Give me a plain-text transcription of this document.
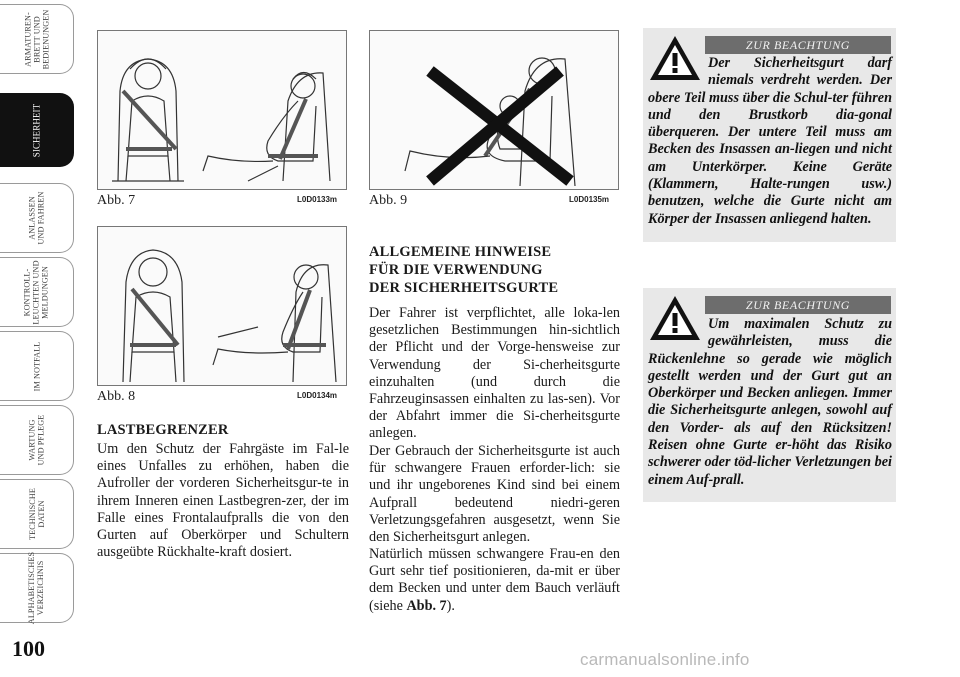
ARMATUREN-
BRETT UND
BEDIENUNGEN
SICHERHEIT
ANLASSEN
UND FAHREN
KONTROLL-
LEUCHTEN UND
MELDUNGEN
IM NOTFALL
WARTUNG
UND PFLEGE
TECHNISCHE
DATEN
ALPHABETISCHES
VERZEICHNIS
100
Abb. 7	L0D0133m
Abb. 8	L0D0134m
Abb. 9	L0D0135m
LASTBEGRENZER
Um den Schutz der Fahrgäste im Fal-le eines Unfalles zu erhöhen, haben die Aufroller der vorderen Sicherheitsgur-te in ihrem Inneren einen Lastbegren-zer, der im Falle eines Frontalaufpralls die von den Gurten auf Oberkörper und Schultern ausgeübte Rückhalte-kraft dosiert.
ALLGEMEINE HINWEISE
FÜR DIE VERWENDUNG
DER SICHERHEITSGURTE
Der Fahrer ist verpflichtet, alle loka-len gesetzlichen Bestimmungen hin-sichtlich der Pflicht und der Vorge-hensweise zur Verwendung der Si-cherheitsgurte einzuhalten (und durch die Fahrzeuginsassen einhalten zu las-sen). Vor der Abfahrt immer die Si-cherheitsgurte anlegen.
Der Gebrauch der Sicherheitsgurte ist auch für schwangere Frauen erforder-lich: sie und ihr ungeborenes Kind sind bei einem Aufprall bedeutend niedri-geren Verletzungsgefahren ausgesetzt, wenn Sie den Sicherheitsgurt anlegen.
Natürlich müssen schwangere Frau-en den Gurt sehr tief positionieren, da-mit er über dem Becken und unter dem Bauch verläuft (siehe Abb. 7).
ZUR BEACHTUNG
Der Sicherheitsgurt darf niemals verdreht werden. Der obere Teil muss über die Schul-ter führen und den Brustkorb dia-gonal überqueren. Der untere Teil muss am Becken des Insassen an-liegen und nicht am Unterkörper. Keine Geräte (Klammern, Halte-rungen usw.) benutzen, welche die Gurte nicht am Körper der Insassen anliegend halten.
ZUR BEACHTUNG
Um maximalen Schutz zu gewährleisten, muss die Rückenlehne so gerade wie möglich gestellt werden und der Gurt gut an Oberkörper und Becken anliegen. Immer die Sicherheitsgurte anlegen, sowohl auf den Vorder- als auf den Rücksitzen! Reisen ohne Gurte er-höht das Risiko schwerer oder töd-licher Verletzungen bei einem Auf-prall.
carmanualsonline.info
